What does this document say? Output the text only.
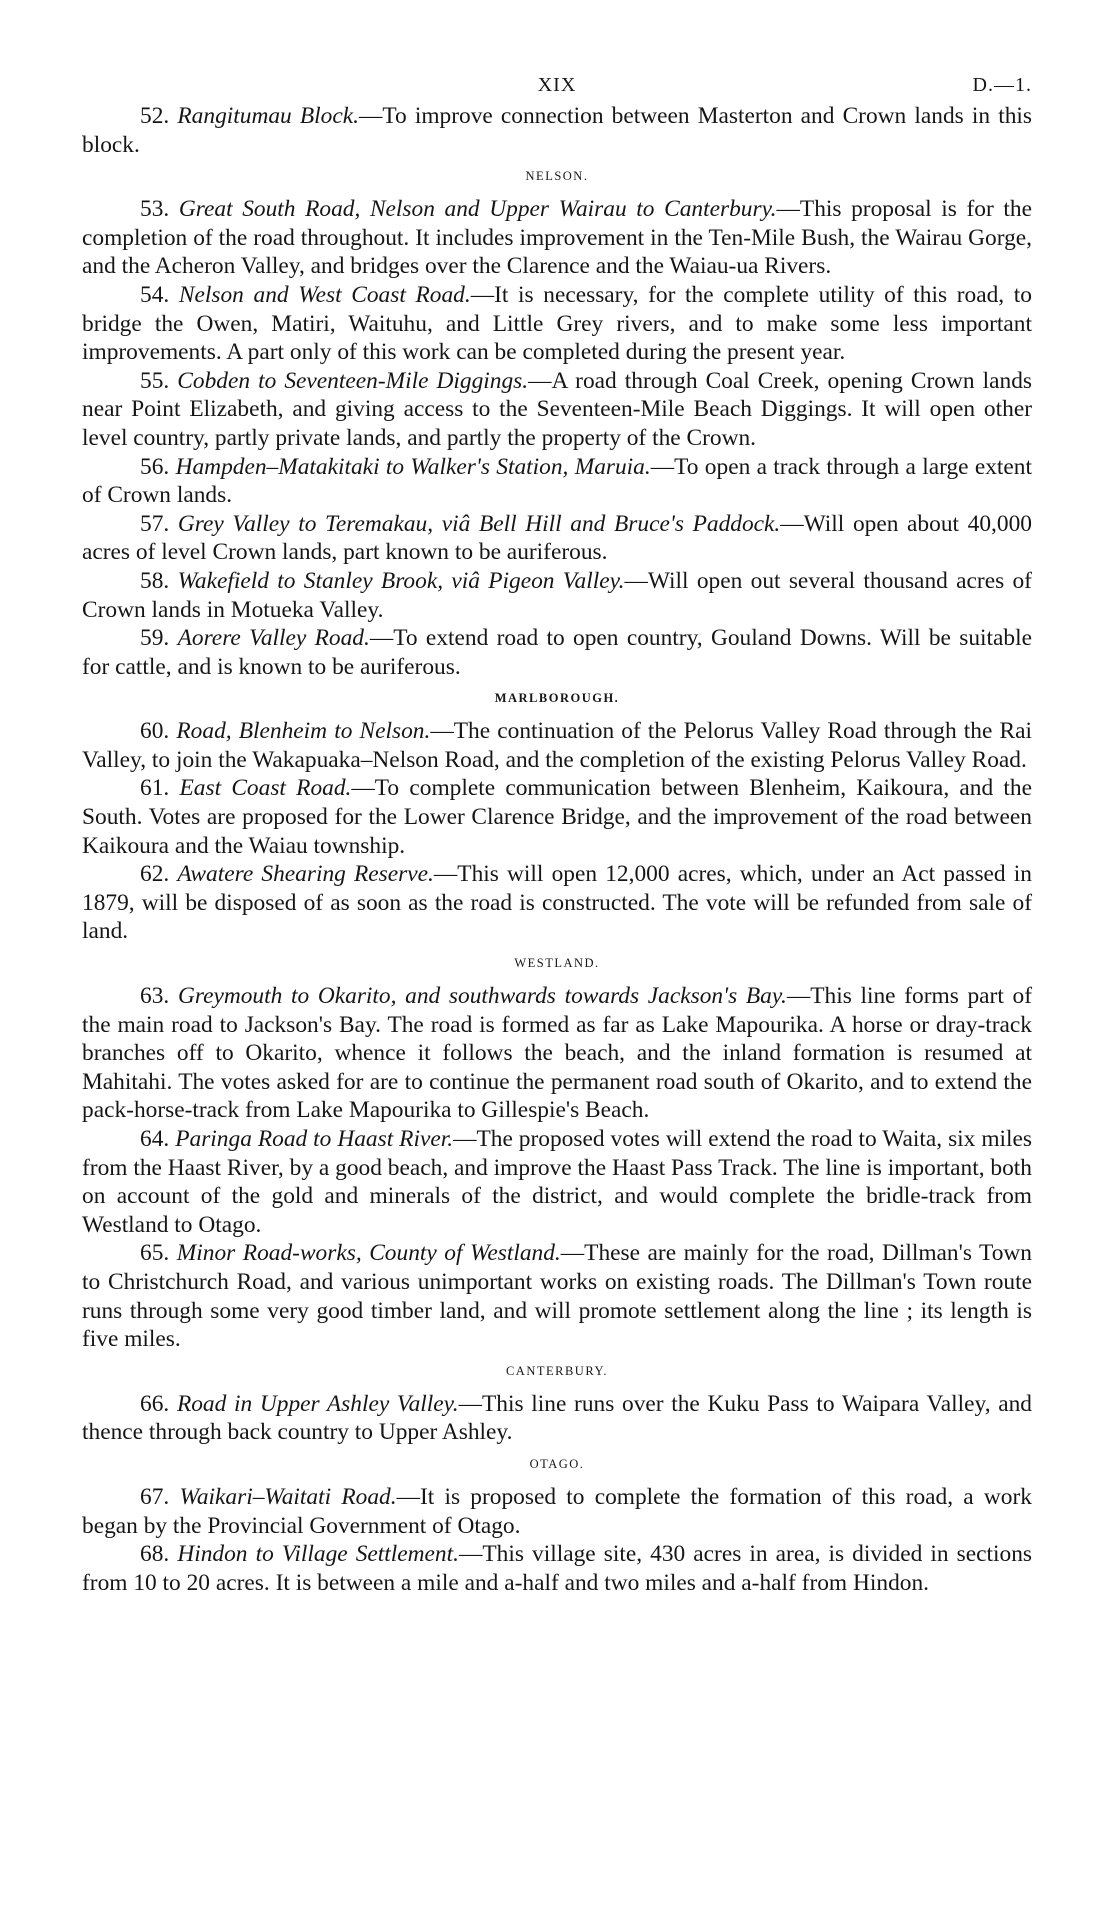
XIX	D.—1.

52. Rangitumau Block.—To improve connection between Masterton and Crown lands in this block.

NELSON.

53. Great South Road, Nelson and Upper Wairau to Canterbury.—This proposal is for the completion of the road throughout. It includes improvement in the Ten-Mile Bush, the Wairau Gorge, and the Acheron Valley, and bridges over the Clarence and the Waiau-ua Rivers.

54. Nelson and West Coast Road.—It is necessary, for the complete utility of this road, to bridge the Owen, Matiri, Waituhu, and Little Grey rivers, and to make some less important improvements. A part only of this work can be completed during the present year.

55. Cobden to Seventeen-Mile Diggings.—A road through Coal Creek, opening Crown lands near Point Elizabeth, and giving access to the Seventeen-Mile Beach Diggings. It will open other level country, partly private lands, and partly the property of the Crown.

56. Hampden–Matakitaki to Walker's Station, Maruia.—To open a track through a large extent of Crown lands.

57. Grey Valley to Teremakau, viâ Bell Hill and Bruce's Paddock.—Will open about 40,000 acres of level Crown lands, part known to be auriferous.

58. Wakefield to Stanley Brook, viâ Pigeon Valley.—Will open out several thousand acres of Crown lands in Motueka Valley.

59. Aorere Valley Road.—To extend road to open country, Gouland Downs. Will be suitable for cattle, and is known to be auriferous.

MARLBOROUGH.

60. Road, Blenheim to Nelson.—The continuation of the Pelorus Valley Road through the Rai Valley, to join the Wakapuaka–Nelson Road, and the completion of the existing Pelorus Valley Road.

61. East Coast Road.—To complete communication between Blenheim, Kaikoura, and the South. Votes are proposed for the Lower Clarence Bridge, and the improvement of the road between Kaikoura and the Waiau township.

62. Awatere Shearing Reserve.—This will open 12,000 acres, which, under an Act passed in 1879, will be disposed of as soon as the road is constructed. The vote will be refunded from sale of land.

WESTLAND.

63. Greymouth to Okarito, and southwards towards Jackson's Bay.—This line forms part of the main road to Jackson's Bay. The road is formed as far as Lake Mapourika. A horse or dray-track branches off to Okarito, whence it follows the beach, and the inland formation is resumed at Mahitahi. The votes asked for are to continue the permanent road south of Okarito, and to extend the pack-horse-track from Lake Mapourika to Gillespie's Beach.

64. Paringa Road to Haast River.—The proposed votes will extend the road to Waita, six miles from the Haast River, by a good beach, and improve the Haast Pass Track. The line is important, both on account of the gold and minerals of the district, and would complete the bridle-track from Westland to Otago.

65. Minor Road-works, County of Westland.—These are mainly for the road, Dillman's Town to Christchurch Road, and various unimportant works on existing roads. The Dillman's Town route runs through some very good timber land, and will promote settlement along the line ; its length is five miles.

CANTERBURY.

66. Road in Upper Ashley Valley.—This line runs over the Kuku Pass to Waipara Valley, and thence through back country to Upper Ashley.

OTAGO.

67. Waikari–Waitati Road.—It is proposed to complete the formation of this road, a work began by the Provincial Government of Otago.

68. Hindon to Village Settlement.—This village site, 430 acres in area, is divided in sections from 10 to 20 acres. It is between a mile and a-half and two miles and a-half from Hindon.
